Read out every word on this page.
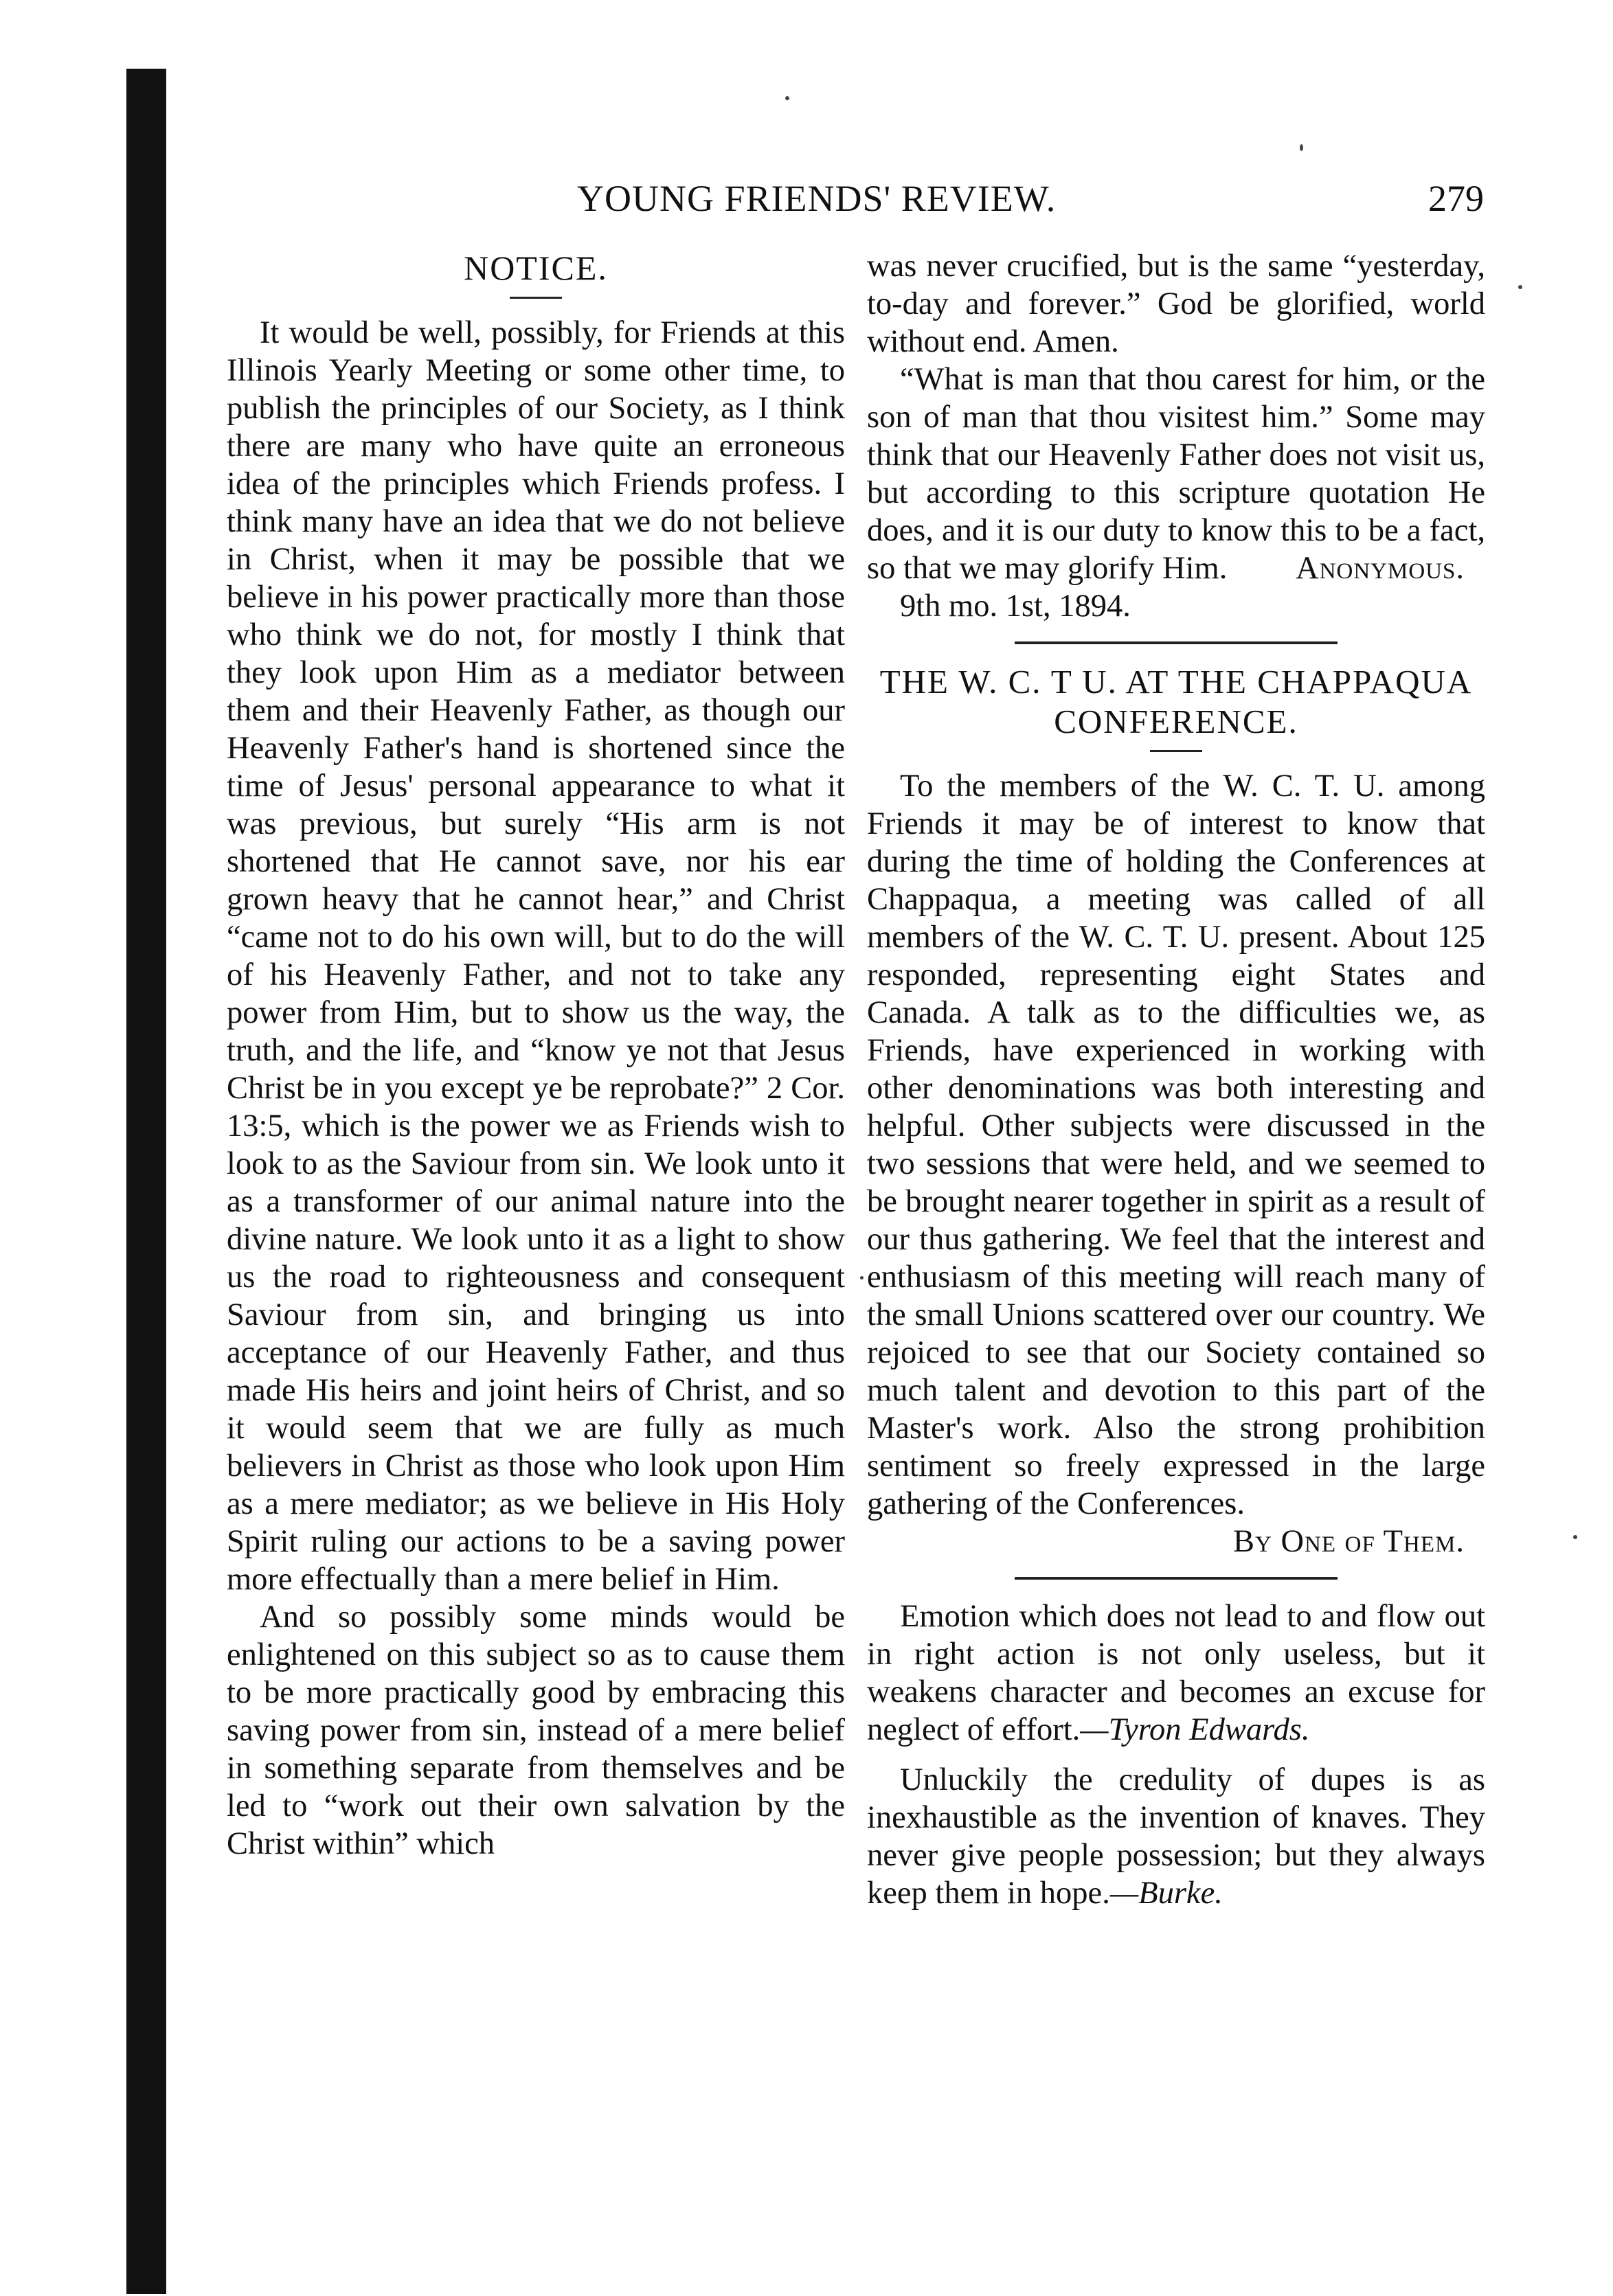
YOUNG FRIENDS' REVIEW.	279
NOTICE.

It would be well, possibly, for Friends at this Illinois Yearly Meeting or some other time, to publish the principles of our Society, as I think there are many who have quite an erroneous idea of the principles which Friends profess. I think many have an idea that we do not believe in Christ, when it may be possible that we believe in his power practically more than those who think we do not, for mostly I think that they look upon Him as a mediator between them and their Heavenly Father, as though our Heavenly Father's hand is shortened since the time of Jesus' personal appearance to what it was previous, but surely “His arm is not shortened that He cannot save, nor his ear grown heavy that he cannot hear,” and Christ “came not to do his own will, but to do the will of his Heavenly Father, and not to take any power from Him, but to show us the way, the truth, and the life, and “know ye not that Jesus Christ be in you except ye be reprobate?” 2 Cor. 13:5, which is the power we as Friends wish to look to as the Saviour from sin. We look unto it as a transformer of our animal nature into the divine nature. We look unto it as a light to show us the road to righteousness and consequent Saviour from sin, and bringing us into acceptance of our Heavenly Father, and thus made His heirs and joint heirs of Christ, and so it would seem that we are fully as much believers in Christ as those who look upon Him as a mere mediator; as we believe in His Holy Spirit ruling our actions to be a saving power more effectually than a mere belief in Him.

And so possibly some minds would be enlightened on this subject so as to cause them to be more practically good by embracing this saving power from sin, instead of a mere belief in something separate from themselves and be led to “work out their own salvation by the Christ within” which

was never crucified, but is the same “yesterday, to-day and forever.” God be glorified, world without end. Amen.

“What is man that thou carest for him, or the son of man that thou visitest him.” Some may think that our Heavenly Father does not visit us, but according to this scripture quotation He does, and it is our duty to know this to be a fact, so that we may glorify Him.	Anonymous.

9th mo. 1st, 1894.

THE W. C. T U. AT THE CHAPPAQUA CONFERENCE.

To the members of the W. C. T. U. among Friends it may be of interest to know that during the time of holding the Conferences at Chappaqua, a meeting was called of all members of the W. C. T. U. present. About 125 responded, representing eight States and Canada. A talk as to the difficulties we, as Friends, have experienced in working with other denominations was both interesting and helpful. Other subjects were discussed in the two sessions that were held, and we seemed to be brought nearer together in spirit as a result of our thus gathering. We feel that the interest and enthusiasm of this meeting will reach many of the small Unions scattered over our country. We rejoiced to see that our Society contained so much talent and devotion to this part of the Master's work. Also the strong prohibition sentiment so freely expressed in the large gathering of the Conferences.

By One of Them.

Emotion which does not lead to and flow out in right action is not only useless, but it weakens character and becomes an excuse for neglect of effort.—Tyron Edwards.

Unluckily the credulity of dupes is as inexhaustible as the invention of knaves. They never give people possession; but they always keep them in hope.—Burke.
